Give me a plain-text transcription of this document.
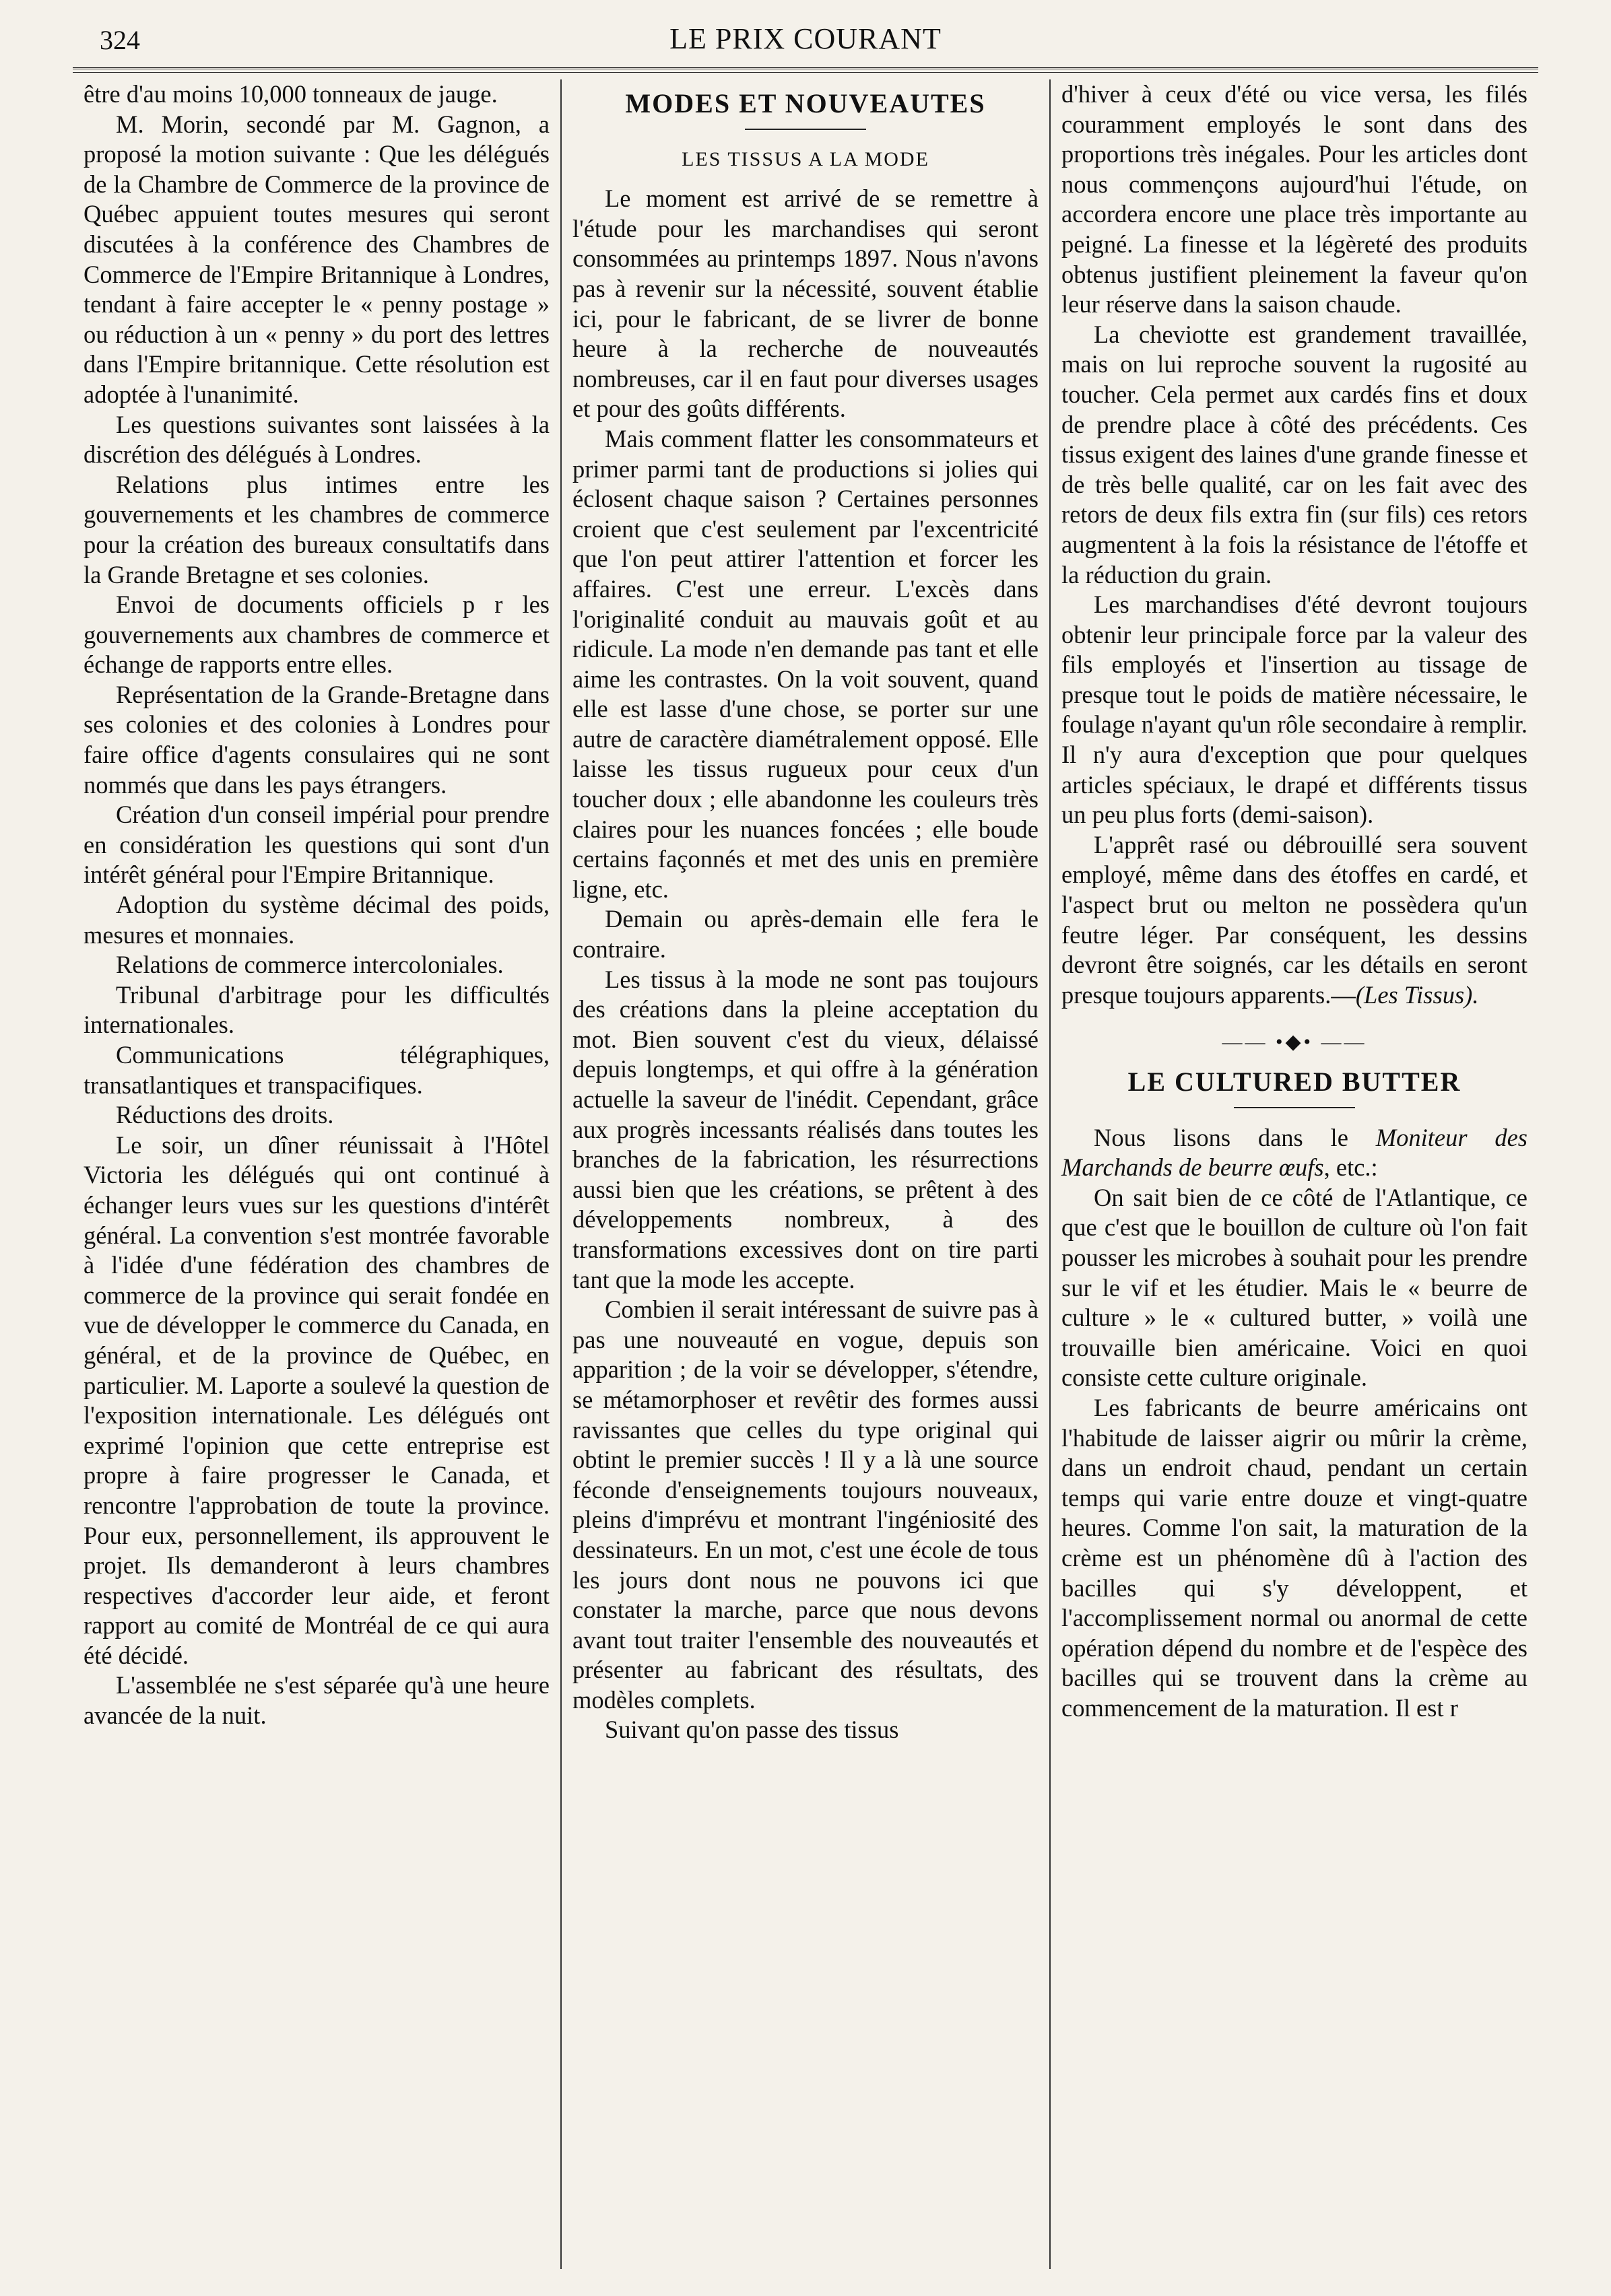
324	LE PRIX COURANT

être d'au moins 10,000 tonneaux de jauge.

M. Morin, secondé par M. Gagnon, a proposé la motion suivante : Que les délégués de la Chambre de Commerce de la province de Québec appuient toutes mesures qui seront discutées à la conférence des Chambres de Commerce de l'Empire Britannique à Londres, tendant à faire accepter le « penny postage » ou réduction à un « penny » du port des lettres dans l'Empire britannique. Cette résolution est adoptée à l'unanimité.

Les questions suivantes sont laissées à la discrétion des délégués à Londres.

Relations plus intimes entre les gouvernements et les chambres de commerce pour la création des bureaux consultatifs dans la Grande Bretagne et ses colonies.

Envoi de documents officiels p r les gouvernements aux chambres de commerce et échange de rapports entre elles.

Représentation de la Grande-Bretagne dans ses colonies et des colonies à Londres pour faire office d'agents consulaires qui ne sont nommés que dans les pays étrangers.

Création d'un conseil impérial pour prendre en considération les questions qui sont d'un intérêt général pour l'Empire Britannique.

Adoption du système décimal des poids, mesures et monnaies.

Relations de commerce intercoloniales.

Tribunal d'arbitrage pour les difficultés internationales.

Communications télégraphiques, transatlantiques et transpacifiques.

Réductions des droits.

Le soir, un dîner réunissait à l'Hôtel Victoria les délégués qui ont continué à échanger leurs vues sur les questions d'intérêt général. La convention s'est montrée favorable à l'idée d'une fédération des chambres de commerce de la province qui serait fondée en vue de développer le commerce du Canada, en général, et de la province de Québec, en particulier. M. Laporte a soulevé la question de l'exposition internationale. Les délégués ont exprimé l'opinion que cette entreprise est propre à faire progresser le Canada, et rencontre l'approbation de toute la province. Pour eux, personnellement, ils approuvent le projet. Ils demanderont à leurs chambres respectives d'accorder leur aide, et feront rapport au comité de Montréal de ce qui aura été décidé.

L'assemblée ne s'est séparée qu'à une heure avancée de la nuit.

MODES ET NOUVEAUTES
LES TISSUS A LA MODE

Le moment est arrivé de se remettre à l'étude pour les marchandises qui seront consommées au printemps 1897. Nous n'avons pas à revenir sur la nécessité, souvent établie ici, pour le fabricant, de se livrer de bonne heure à la recherche de nouveautés nombreuses, car il en faut pour diverses usages et pour des goûts différents.

Mais comment flatter les consommateurs et primer parmi tant de productions si jolies qui éclosent chaque saison ? Certaines personnes croient que c'est seulement par l'excentricité que l'on peut attirer l'attention et forcer les affaires. C'est une erreur. L'excès dans l'originalité conduit au mauvais goût et au ridicule. La mode n'en demande pas tant et elle aime les contrastes. On la voit souvent, quand elle est lasse d'une chose, se porter sur une autre de caractère diamétralement opposé. Elle laisse les tissus rugueux pour ceux d'un toucher doux ; elle abandonne les couleurs très claires pour les nuances foncées ; elle boude certains façonnés et met des unis en première ligne, etc.

Demain ou après-demain elle fera le contraire.

Les tissus à la mode ne sont pas toujours des créations dans la pleine acceptation du mot. Bien souvent c'est du vieux, délaissé depuis longtemps, et qui offre à la génération actuelle la saveur de l'inédit. Cependant, grâce aux progrès incessants réalisés dans toutes les branches de la fabrication, les résurrections aussi bien que les créations, se prêtent à des développements nombreux, à des transformations excessives dont on tire parti tant que la mode les accepte.

Combien il serait intéressant de suivre pas à pas une nouveauté en vogue, depuis son apparition ; de la voir se développer, s'étendre, se métamorphoser et revêtir des formes aussi ravissantes que celles du type original qui obtint le premier succès ! Il y a là une source féconde d'enseignements toujours nouveaux, pleins d'imprévu et montrant l'ingéniosité des dessinateurs. En un mot, c'est une école de tous les jours dont nous ne pouvons ici que constater la marche, parce que nous devons avant tout traiter l'ensemble des nouveautés et présenter au fabricant des résultats, des modèles complets.

Suivant qu'on passe des tissus

d'hiver à ceux d'été ou vice versa, les filés couramment employés le sont dans des proportions très inégales. Pour les articles dont nous commençons aujourd'hui l'étude, on accordera encore une place très importante au peigné. La finesse et la légèreté des produits obtenus justifient pleinement la faveur qu'on leur réserve dans la saison chaude.

La cheviotte est grandement travaillée, mais on lui reproche souvent la rugosité au toucher. Cela permet aux cardés fins et doux de prendre place à côté des précédents. Ces tissus exigent des laines d'une grande finesse et de très belle qualité, car on les fait avec des retors de deux fils extra fin (sur fils) ces retors augmentent à la fois la résistance de l'étoffe et la réduction du grain.

Les marchandises d'été devront toujours obtenir leur principale force par la valeur des fils employés et l'insertion au tissage de presque tout le poids de matière nécessaire, le foulage n'ayant qu'un rôle secondaire à remplir. Il n'y aura d'exception que pour quelques articles spéciaux, le drapé et différents tissus un peu plus forts (demi-saison).

L'apprêt rasé ou débrouillé sera souvent employé, même dans des étoffes en cardé, et l'aspect brut ou melton ne possèdera qu'un feutre léger. Par conséquent, les dessins devront être soignés, car les détails en seront presque toujours apparents.—(Les Tissus).

—— •◆• ——
LE CULTURED BUTTER

Nous lisons dans le Moniteur des Marchands de beurre œufs, etc.:

On sait bien de ce côté de l'Atlantique, ce que c'est que le bouillon de culture où l'on fait pousser les microbes à souhait pour les prendre sur le vif et les étudier. Mais le « beurre de culture » le « cultured butter, » voilà une trouvaille bien américaine. Voici en quoi consiste cette culture originale.

Les fabricants de beurre américains ont l'habitude de laisser aigrir ou mûrir la crème, dans un endroit chaud, pendant un certain temps qui varie entre douze et vingt-quatre heures. Comme l'on sait, la maturation de la crème est un phénomène dû à l'action des bacilles qui s'y développent, et l'accomplissement normal ou anormal de cette opération dépend du nombre et de l'espèce des bacilles qui se trouvent dans la crème au commencement de la maturation. Il est r
